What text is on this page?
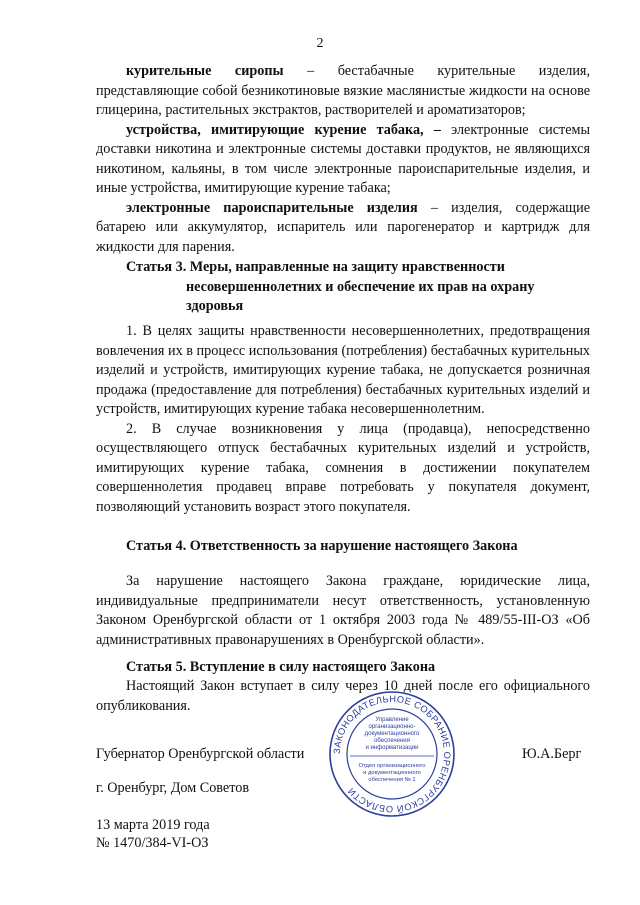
2

курительные сиропы – бестабачные курительные изделия, представляющие собой безникотиновые вязкие маслянистые жидкости на основе глицерина, растительных экстрактов, растворителей и ароматизаторов;

устройства, имитирующие курение табака, – электронные системы доставки никотина и электронные системы доставки продуктов, не являющихся никотином, кальяны, в том числе электронные пароиспарительные изделия, и иные устройства, имитирующие курение табака;

электронные пароиспарительные изделия – изделия, содержащие батарею или аккумулятор, испаритель или парогенератор и картридж для жидкости для парения.

Статья 3. Меры, направленные на защиту нравственности
несовершеннолетних и обеспечение их прав на охрану
здоровья

1. В целях защиты нравственности несовершеннолетних, предотвращения вовлечения их в процесс использования (потребления) бестабачных курительных изделий и устройств, имитирующих курение табака, не допускается розничная продажа (предоставление для потребления) бестабачных курительных изделий и устройств, имитирующих курение табака несовершеннолетним.

2. В случае возникновения у лица (продавца), непосредственно осуществляющего отпуск бестабачных курительных изделий и устройств, имитирующих курение табака, сомнения в достижении покупателем совершеннолетия продавец вправе потребовать у покупателя документ, позволяющий установить возраст этого покупателя.

Статья 4. Ответственность за нарушение настоящего Закона

За нарушение настоящего Закона граждане, юридические лица, индивидуальные предприниматели несут ответственность, установленную Законом Оренбургской области от 1 октября 2003 года № 489/55-III-ОЗ «Об административных правонарушениях в Оренбургской области».

Статья 5. Вступление в силу настоящего Закона

Настоящий Закон вступает в силу через 10 дней после его официального опубликования.

Губернатор Оренбургской области	Ю.А.Берг
г. Оренбург, Дом Советов
13 марта 2019 года
№ 1470/384-VI-ОЗ
ЗАКОНОДАТЕЛЬНОЕ СОБРАНИЕ ОРЕНБУРГСКОЙ ОБЛАСТИ
Управление
организационно-
документационного
обеспечения
и информатизации
Отдел организационного
и документационного
обеспечения № 1
